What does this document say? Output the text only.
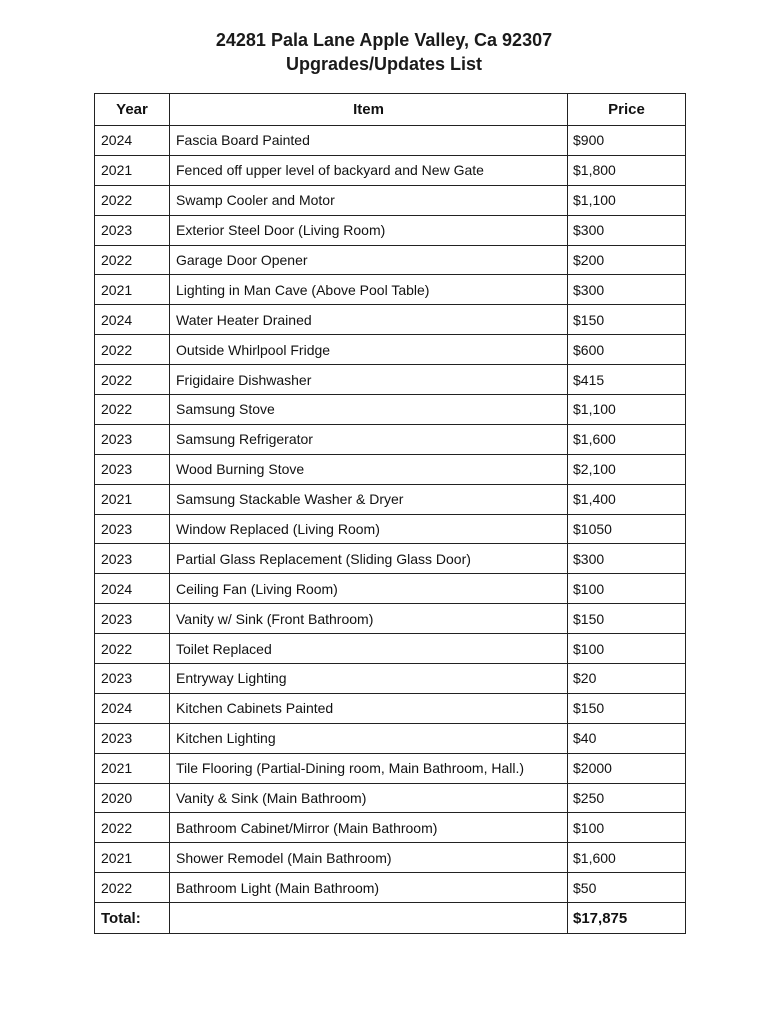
24281 Pala Lane Apple Valley, Ca 92307
Upgrades/Updates List
Year	Item	Price
2024	Fascia Board Painted	$900
2021	Fenced off upper level of backyard and New Gate	$1,800
2022	Swamp Cooler and Motor	$1,100
2023	Exterior Steel Door (Living Room)	$300
2022	Garage Door Opener	$200
2021	Lighting in Man Cave (Above Pool Table)	$300
2024	Water Heater Drained	$150
2022	Outside Whirlpool Fridge	$600
2022	Frigidaire Dishwasher	$415
2022	Samsung Stove	$1,100
2023	Samsung Refrigerator	$1,600
2023	Wood Burning Stove	$2,100
2021	Samsung Stackable Washer & Dryer	$1,400
2023	Window Replaced (Living Room)	$1050
2023	Partial Glass Replacement (Sliding Glass Door)	$300
2024	Ceiling Fan (Living Room)	$100
2023	Vanity w/ Sink (Front Bathroom)	$150
2022	Toilet Replaced	$100
2023	Entryway Lighting	$20
2024	Kitchen Cabinets Painted	$150
2023	Kitchen Lighting	$40
2021	Tile Flooring (Partial-Dining room, Main Bathroom, Hall.)	$2000
2020	Vanity & Sink (Main Bathroom)	$250
2022	Bathroom Cabinet/Mirror (Main Bathroom)	$100
2021	Shower Remodel (Main Bathroom)	$1,600
2022	Bathroom Light (Main Bathroom)	$50
Total:		$17,875
